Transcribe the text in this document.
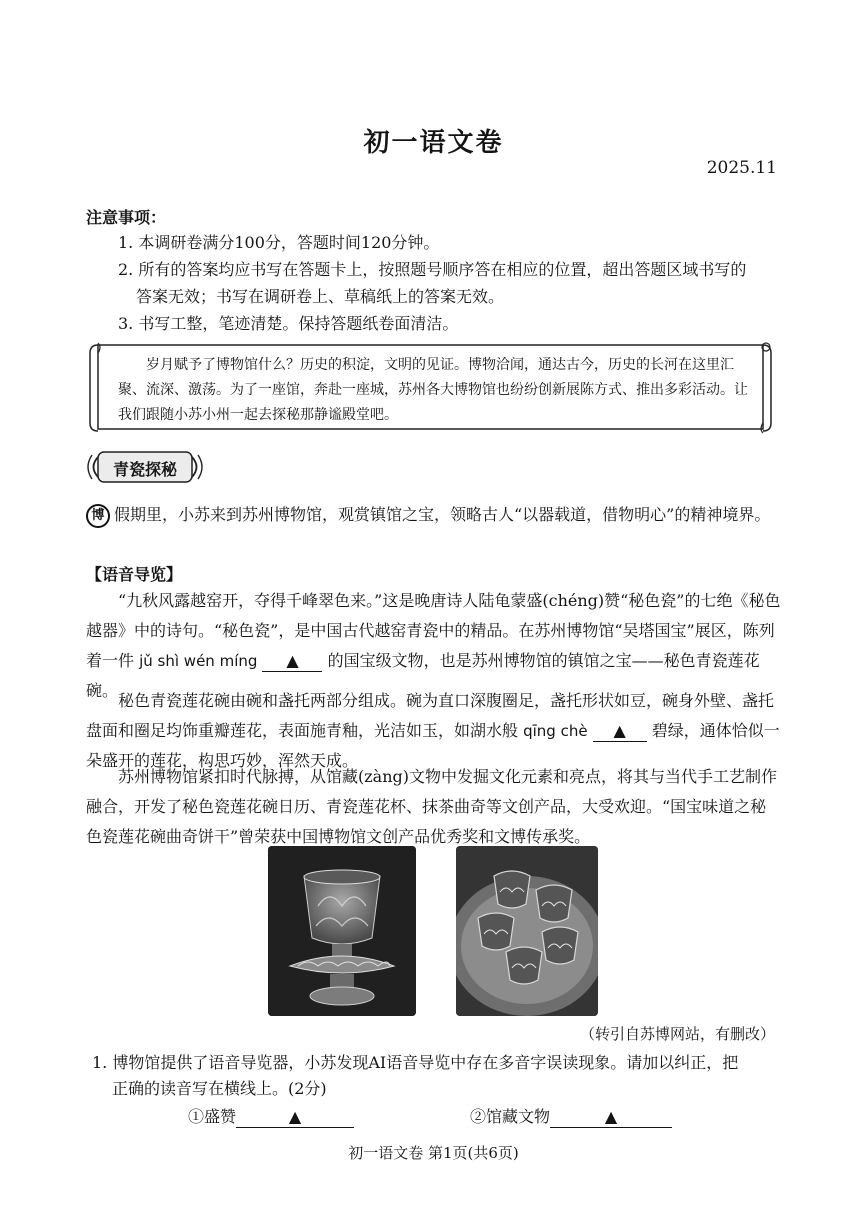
初一语文卷
2025.11
注意事项：
1. 本调研卷满分100分，答题时间120分钟。
2. 所有的答案均应书写在答题卡上，按照题号顺序答在相应的位置，超出答题区域书写的
答案无效；书写在调研卷上、草稿纸上的答案无效。
3. 书写工整，笔迹清楚。保持答题纸卷面清洁。
岁月赋予了博物馆什么？历史的积淀，文明的见证。博物洽闻，通达古今，历史的长河在这里汇聚、流深、激荡。为了一座馆，奔赴一座城，苏州各大博物馆也纷纷创新展陈方式、推出多彩活动。让我们跟随小苏小州一起去探秘那静谧殿堂吧。
青瓷探秘
博 假期里，小苏来到苏州博物馆，观赏镇馆之宝，领略古人“以器载道，借物明心”的精神境界。
【语音导览】
“九秋风露越窑开，夺得千峰翠色来。”这是晚唐诗人陆龟蒙盛(chéng)赞“秘色瓷”的七绝《秘色越器》中的诗句。“秘色瓷”，是中国古代越窑青瓷中的精品。在苏州博物馆“吴塔国宝”展区，陈列着一件 jǔ shì wén míng ▲ 的国宝级文物，也是苏州博物馆的镇馆之宝——秘色青瓷莲花碗。
秘色青瓷莲花碗由碗和盏托两部分组成。碗为直口深腹圈足，盏托形状如豆，碗身外壁、盏托盘面和圈足均饰重瓣莲花，表面施青釉，光洁如玉，如湖水般 qīng chè ▲ 碧绿，通体恰似一朵盛开的莲花，构思巧妙，浑然天成。
苏州博物馆紧扣时代脉搏，从馆藏(zàng)文物中发掘文化元素和亮点，将其与当代手工艺制作融合，开发了秘色瓷莲花碗日历、青瓷莲花杯、抹茶曲奇等文创产品，大受欢迎。“国宝味道之秘色瓷莲花碗曲奇饼干”曾荣获中国博物馆文创产品优秀奖和文博传承奖。
（转引自苏博网站，有删改）
1. 博物馆提供了语音导览器，小苏发现AI语音导览中存在多音字误读现象。请加以纠正，把
正确的读音写在横线上。(2分)
①盛赞	▲	②馆藏文物	▲
初一语文卷 第1页(共6页)
